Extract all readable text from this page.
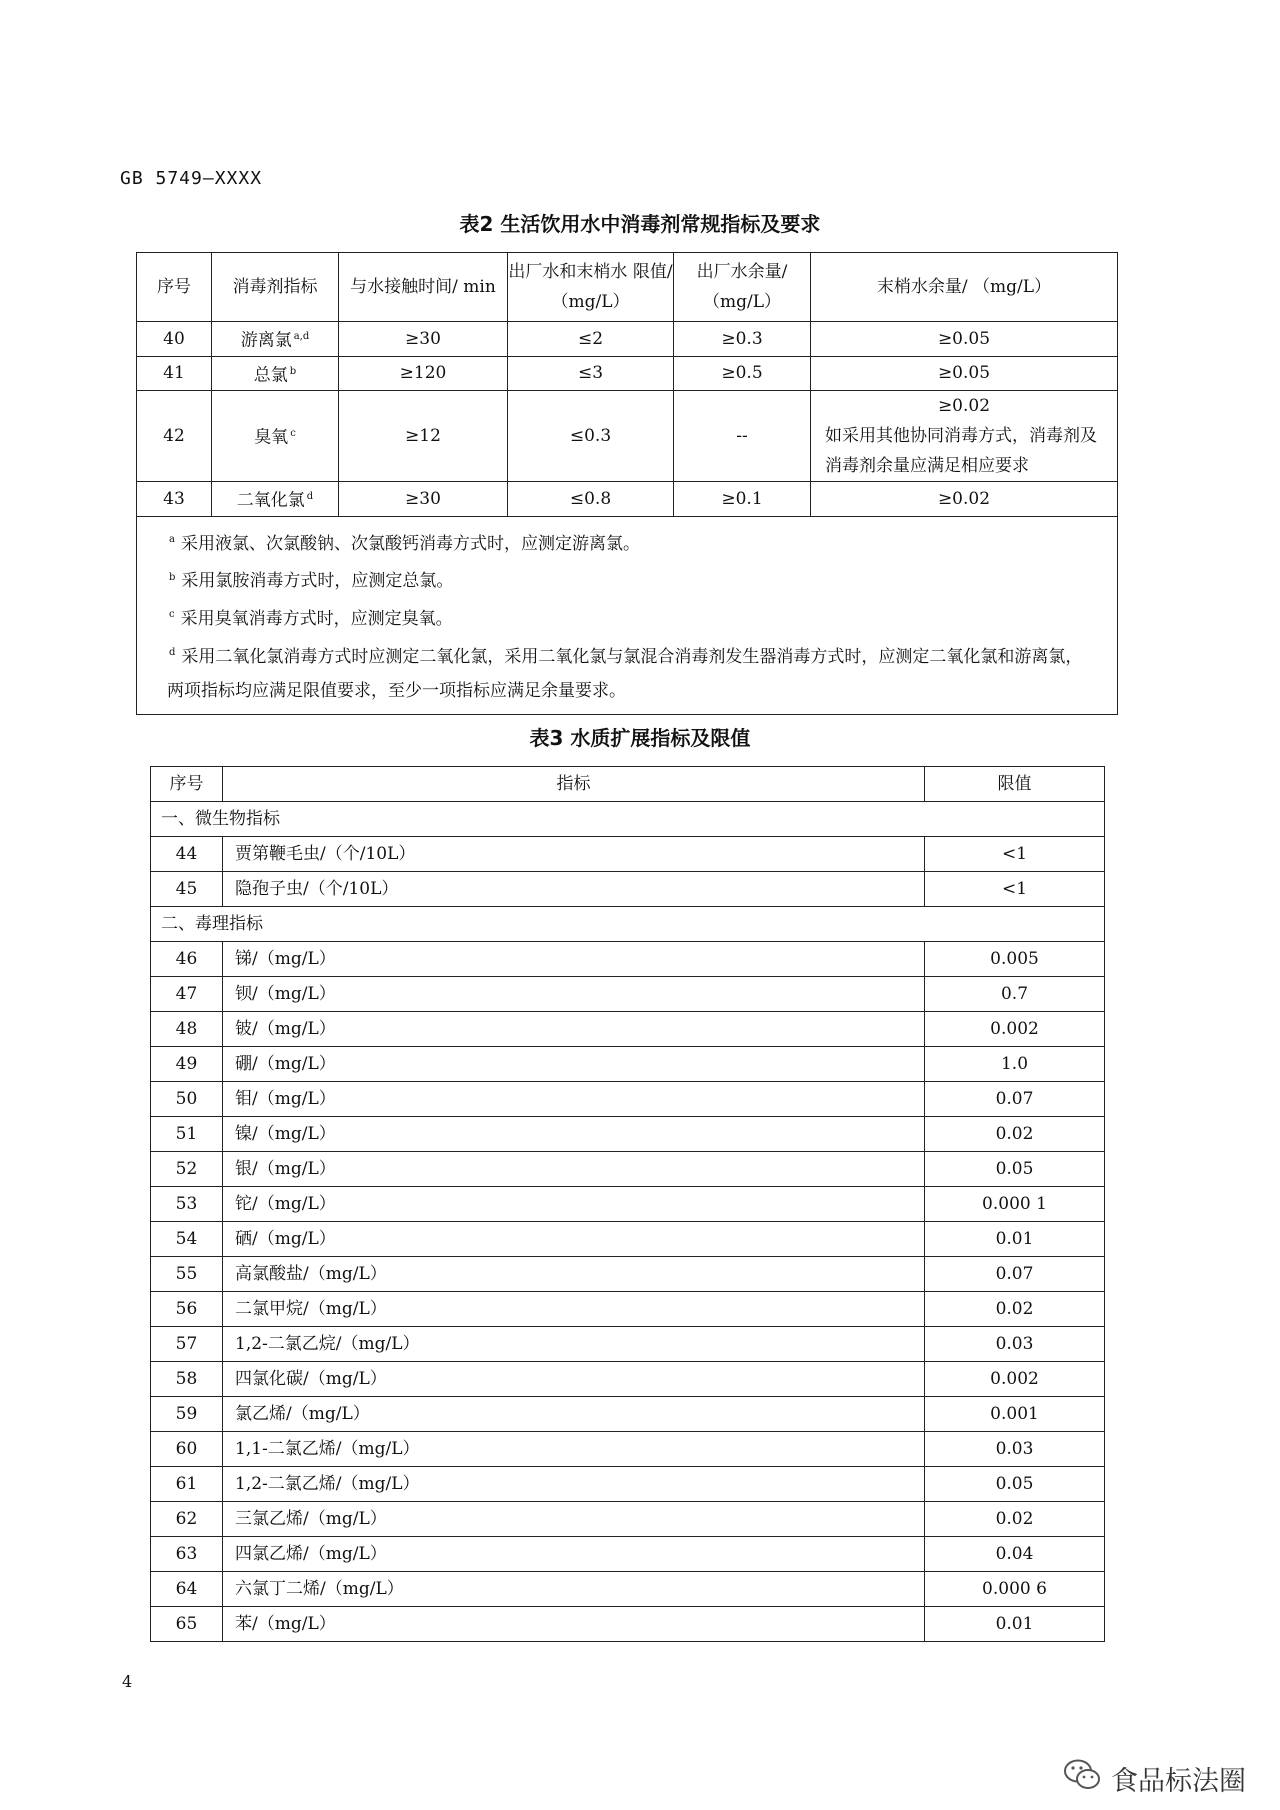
GB 5749—XXXX
表2 生活饮用水中消毒剂常规指标及要求
序号	消毒剂指标	与水接触时间/ min	出厂水和末梢水 限值/（mg/L）	出厂水余量/ （mg/L）	末梢水余量/ （mg/L）
40	游离氯 $^{a,d}$	≥30	≤2	≥0.3	≥0.05

41	总氯 $^b$	≥120	≤3	≥0.5	≥0.05

42	臭氧 $^c$	≥12	≤0.3	--	≥0.02
如采用其他协同消毒方式，消毒剂及消毒剂余量应满足相应要求

43	二氧化氯 $^d$	≥30	≤0.8	≥0.1	≥0.02

$^a$ 采用液氯、次氯酸钠、次氯酸钙消毒方式时，应测定游离氯。
$^b$ 采用氯胺消毒方式时，应测定总氯。
$^c$ 采用臭氧消毒方式时，应测定臭氧。
$^d$ 采用二氧化氯消毒方式时应测定二氧化氯，采用二氧化氯与氯混合消毒剂发生器消毒方式时，应测定二氧化氯和游离氯，两项指标均应满足限值要求，至少一项指标应满足余量要求。					
表3 水质扩展指标及限值
序号	指标	限值
一、微生物指标		
44	贾第鞭毛虫/（个/10L）	<1
45	隐孢子虫/（个/10L）	<1
二、毒理指标		
46	锑/（mg/L）	0.005
47	钡/（mg/L）	0.7
48	铍/（mg/L）	0.002
49	硼/（mg/L）	1.0
50	钼/（mg/L）	0.07
51	镍/（mg/L）	0.02
52	银/（mg/L）	0.05
53	铊/（mg/L）	0.000 1
54	硒/（mg/L）	0.01
55	高氯酸盐/（mg/L）	0.07
56	二氯甲烷/（mg/L）	0.02
57	1,2-二氯乙烷/（mg/L）	0.03
58	四氯化碳/（mg/L）	0.002
59	氯乙烯/（mg/L）	0.001
60	1,1-二氯乙烯/（mg/L）	0.03
61	1,2-二氯乙烯/（mg/L）	0.05
62	三氯乙烯/（mg/L）	0.02
63	四氯乙烯/（mg/L）	0.04
64	六氯丁二烯/（mg/L）	0.000 6
65	苯/（mg/L）	0.01
4
食品标法圈
